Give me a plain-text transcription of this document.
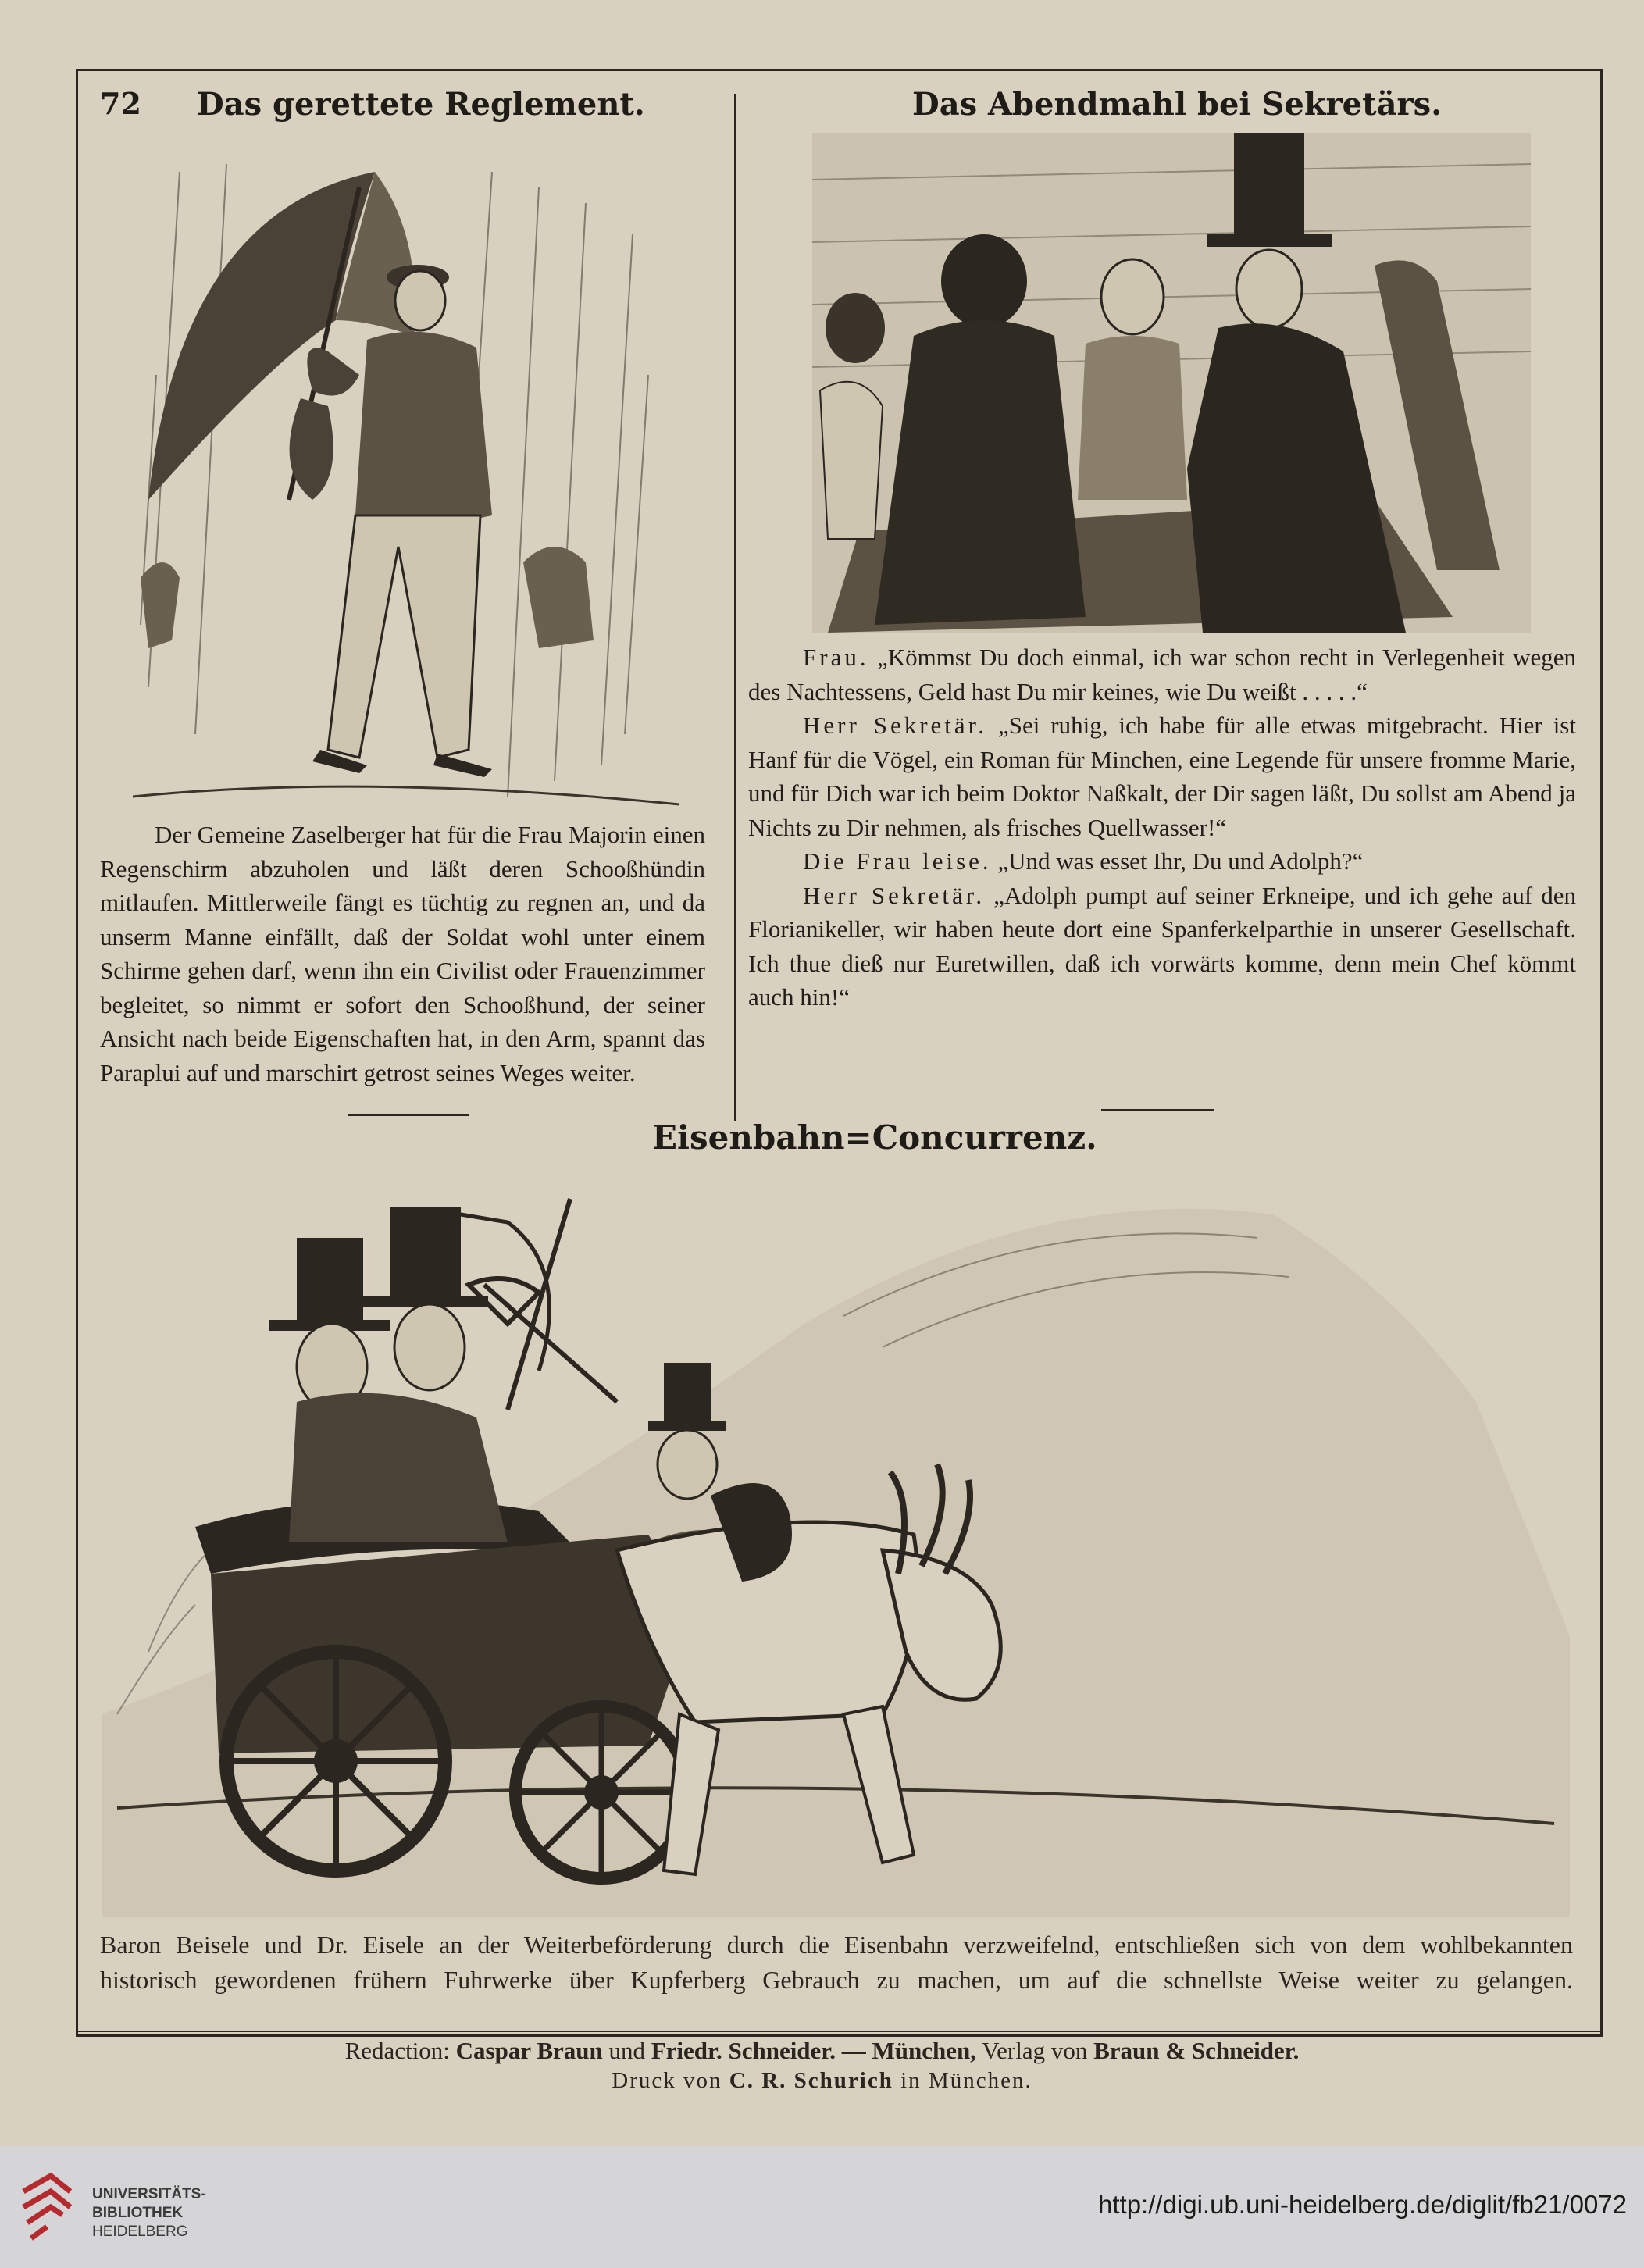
72 Das gerettete Reglement.	Das Abendmahl bei Sekretärs.

Der Gemeine Zaselberger hat für die Frau Majorin einen Regenschirm abzuholen und läßt deren Schooßhündin mitlaufen. Mittlerweile fängt es tüchtig zu regnen an, und da unserm Manne einfällt, daß der Soldat wohl unter einem Schirme gehen darf, wenn ihn ein Civilist oder Frauenzimmer begleitet, so nimmt er sofort den Schooßhund, der seiner Ansicht nach beide Eigenschaften hat, in den Arm, spannt das Paraplui auf und marschirt getrost seines Weges weiter.

Frau. „Kömmst Du doch einmal, ich war schon recht in Verlegenheit wegen des Nachtessens, Geld hast Du mir keines, wie Du weißt . . . . .“

Herr Sekretär. „Sei ruhig, ich habe für alle etwas mitgebracht. Hier ist Hanf für die Vögel, ein Roman für Minchen, eine Legende für unsere fromme Marie, und für Dich war ich beim Doktor Naßkalt, der Dir sagen läßt, Du sollst am Abend ja Nichts zu Dir nehmen, als frisches Quellwasser!“

Die Frau leise. „Und was esset Ihr, Du und Adolph?“

Herr Sekretär. „Adolph pumpt auf seiner Erkneipe, und ich gehe auf den Florianikeller, wir haben heute dort eine Spanferkelparthie in unserer Gesellschaft. Ich thue dieß nur Euretwillen, daß ich vorwärts komme, denn mein Chef kömmt auch hin!“

Eisenbahn=Concurrenz.
Baron Beisele und Dr. Eisele an der Weiterbeförderung durch die Eisenbahn verzweifelnd, entschließen sich von dem wohlbekannten
historisch gewordenen frühern Fuhrwerke über Kupferberg Gebrauch zu machen, um auf die schnellste Weise weiter zu gelangen.
Redaction: Caspar Braun und Friedr. Schneider. — München, Verlag von Braun & Schneider.
Druck von C. R. Schurich in München.
UNIVERSITÄTS-
BIBLIOTHEK
HEIDELBERG
http://digi.ub.uni-heidelberg.de/diglit/fb21/0072
